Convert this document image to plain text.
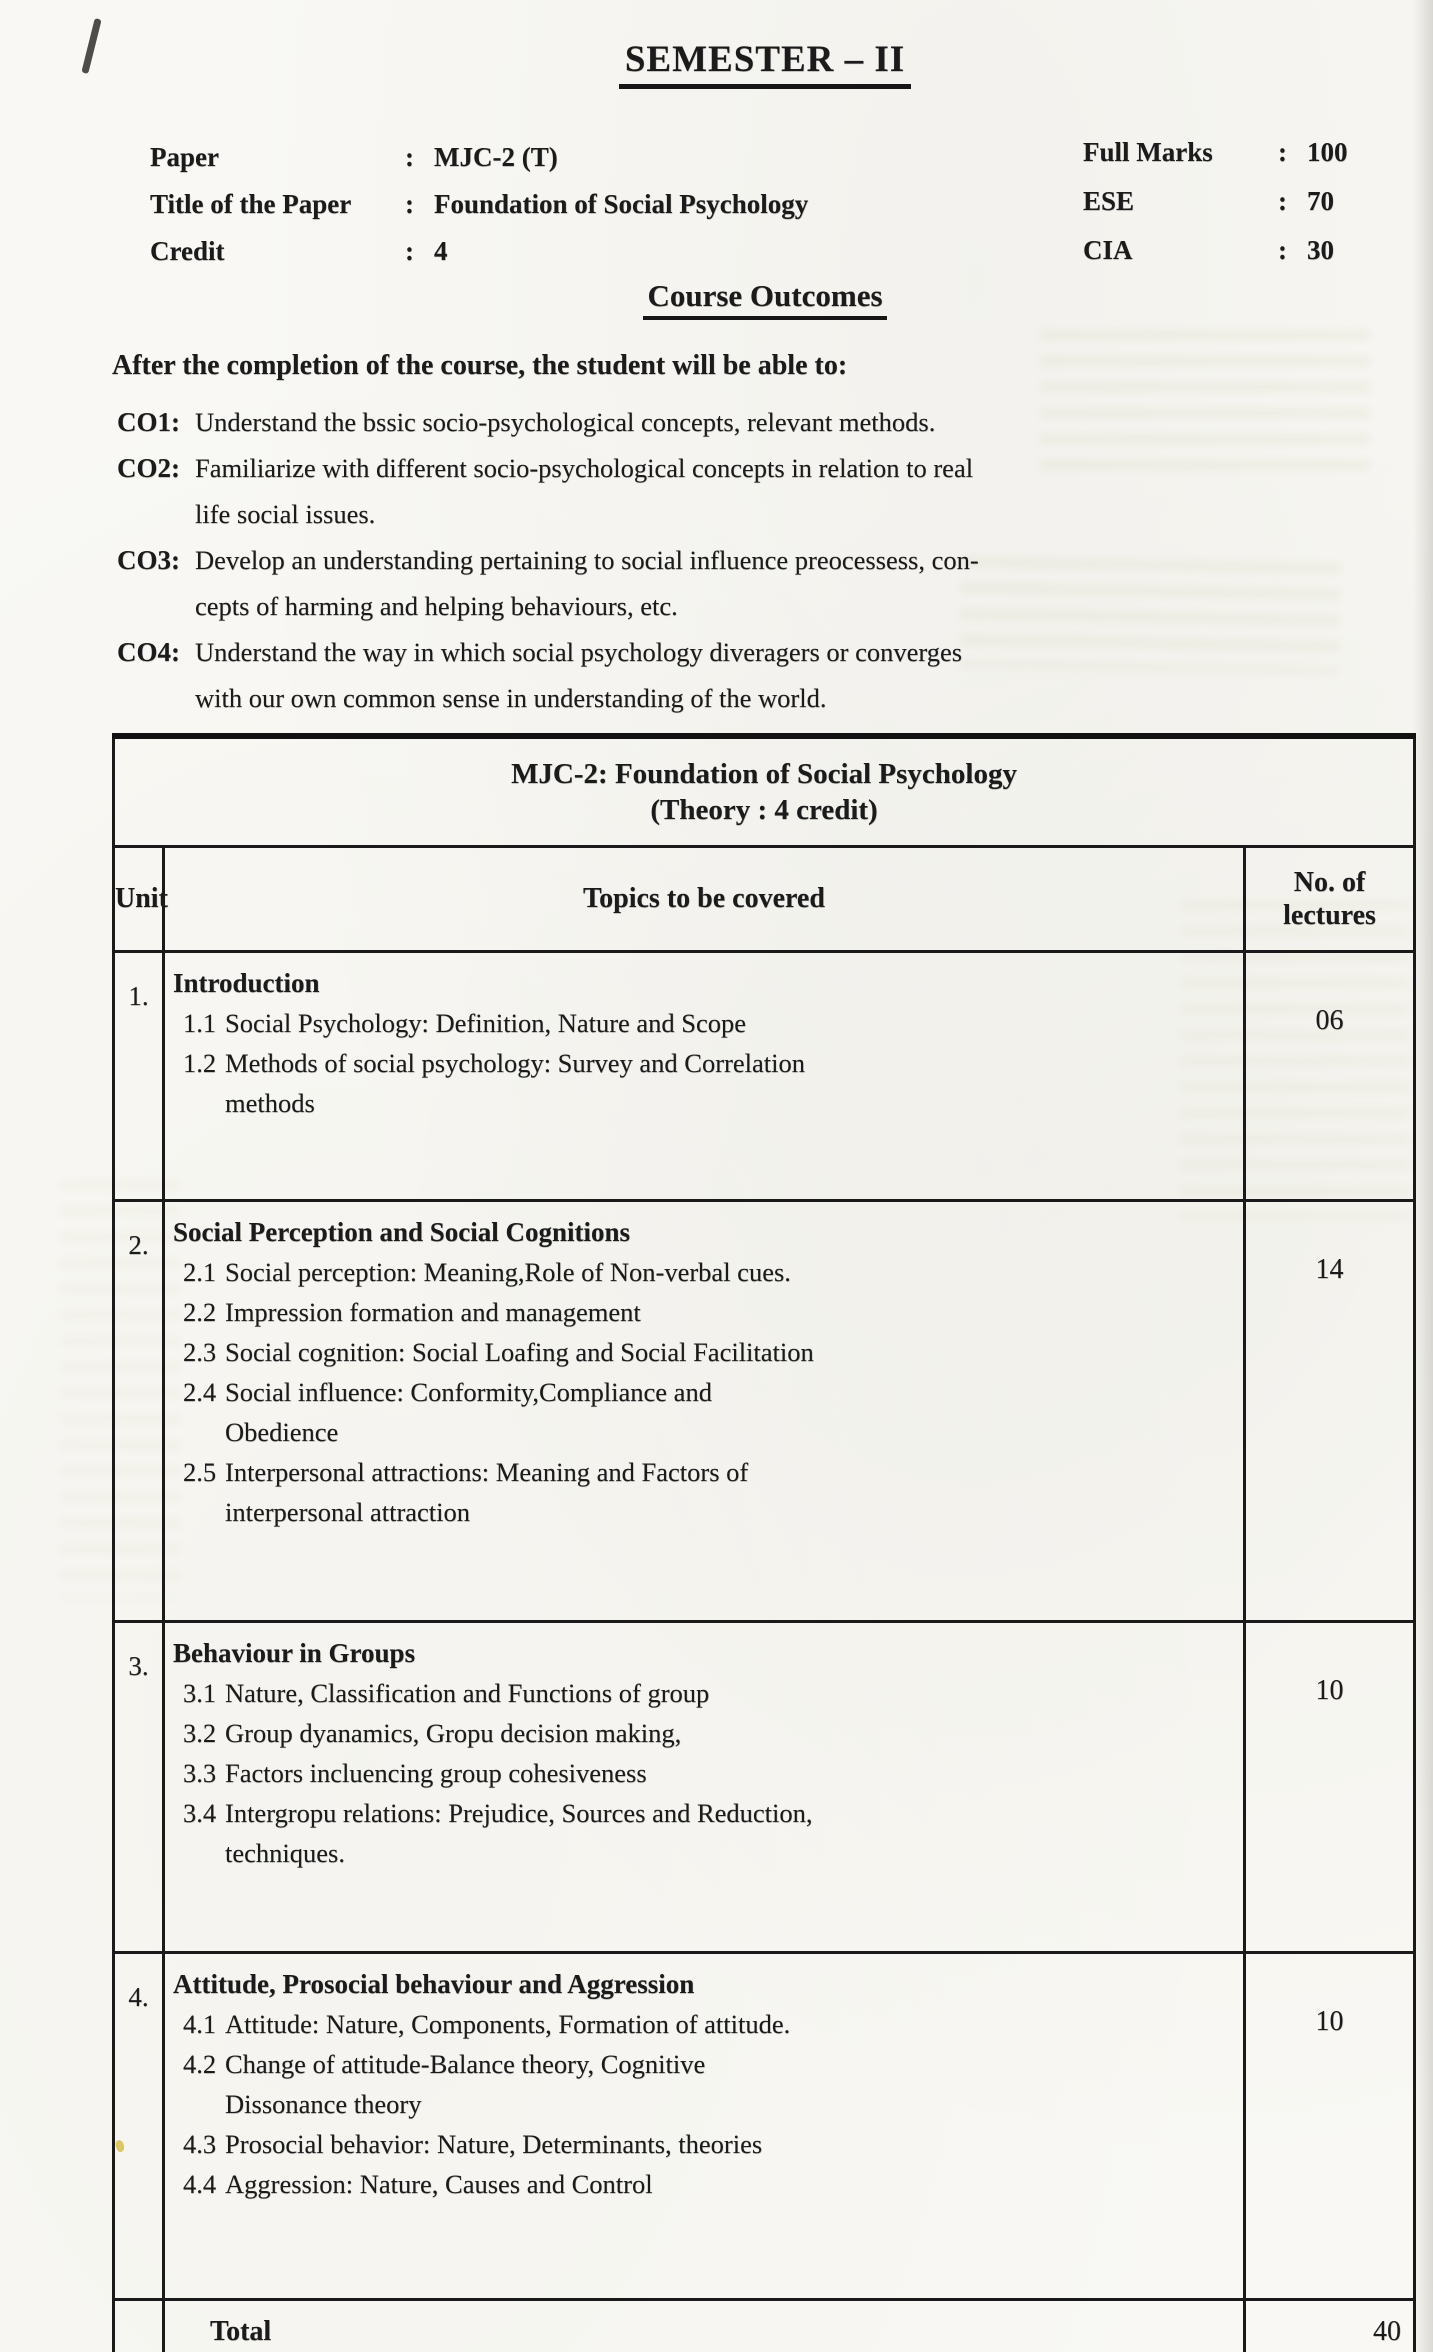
SEMESTER – II
Paper	: MJC-2 (T)
Title of the Paper : Foundation of Social Psychology
Credit	: 4
Full Marks : 100
ESE	: 70
CIA	: 30
Course Outcomes
After the completion of the course, the student will be able to:
CO1: Understand the bssic socio-psychological concepts, relevant methods.
CO2: Familiarize with different socio-psychological concepts in relation to real
life social issues.
CO3: Develop an understanding pertaining to social influence preocessess, con-
cepts of harming and helping behaviours, etc.
CO4: Understand the way in which social psychology diveragers or converges
with our own common sense in understanding of the world.
MJC-2: Foundation of Social Psychology
(Theory : 4 credit)		

Unit	Topics to be covered	No. of
lectures

1.	Introduction
1.1 Social Psychology: Definition, Nature and Scope
1.2 Methods of social psychology: Survey and Correlation
methods
	06
2.	Social Perception and Social Cognitions
2.1 Social perception: Meaning,Role of Non-verbal cues.
2.2 Impression formation and management
2.3 Social cognition: Social Loafing and Social Facilitation
2.4 Social influence: Conformity,Compliance and
Obedience
2.5 Interpersonal attractions: Meaning and Factors of
interpersonal attraction
	14
3.	Behaviour in Groups
3.1 Nature, Classification and Functions of group
3.2 Group dyanamics, Gropu decision making,
3.3 Factors incluencing group cohesiveness
3.4 Intergropu relations: Prejudice, Sources and Reduction,
techniques.
	10
4.	Attitude, Prosocial behaviour and Aggression
4.1 Attitude: Nature, Components, Formation of attitude.
4.2 Change of attitude-Balance theory, Cognitive
Dissonance theory
4.3 Prosocial behavior: Nature, Determinants, theories
4.4 Aggression: Nature, Causes and Control
	10

	Total	40
